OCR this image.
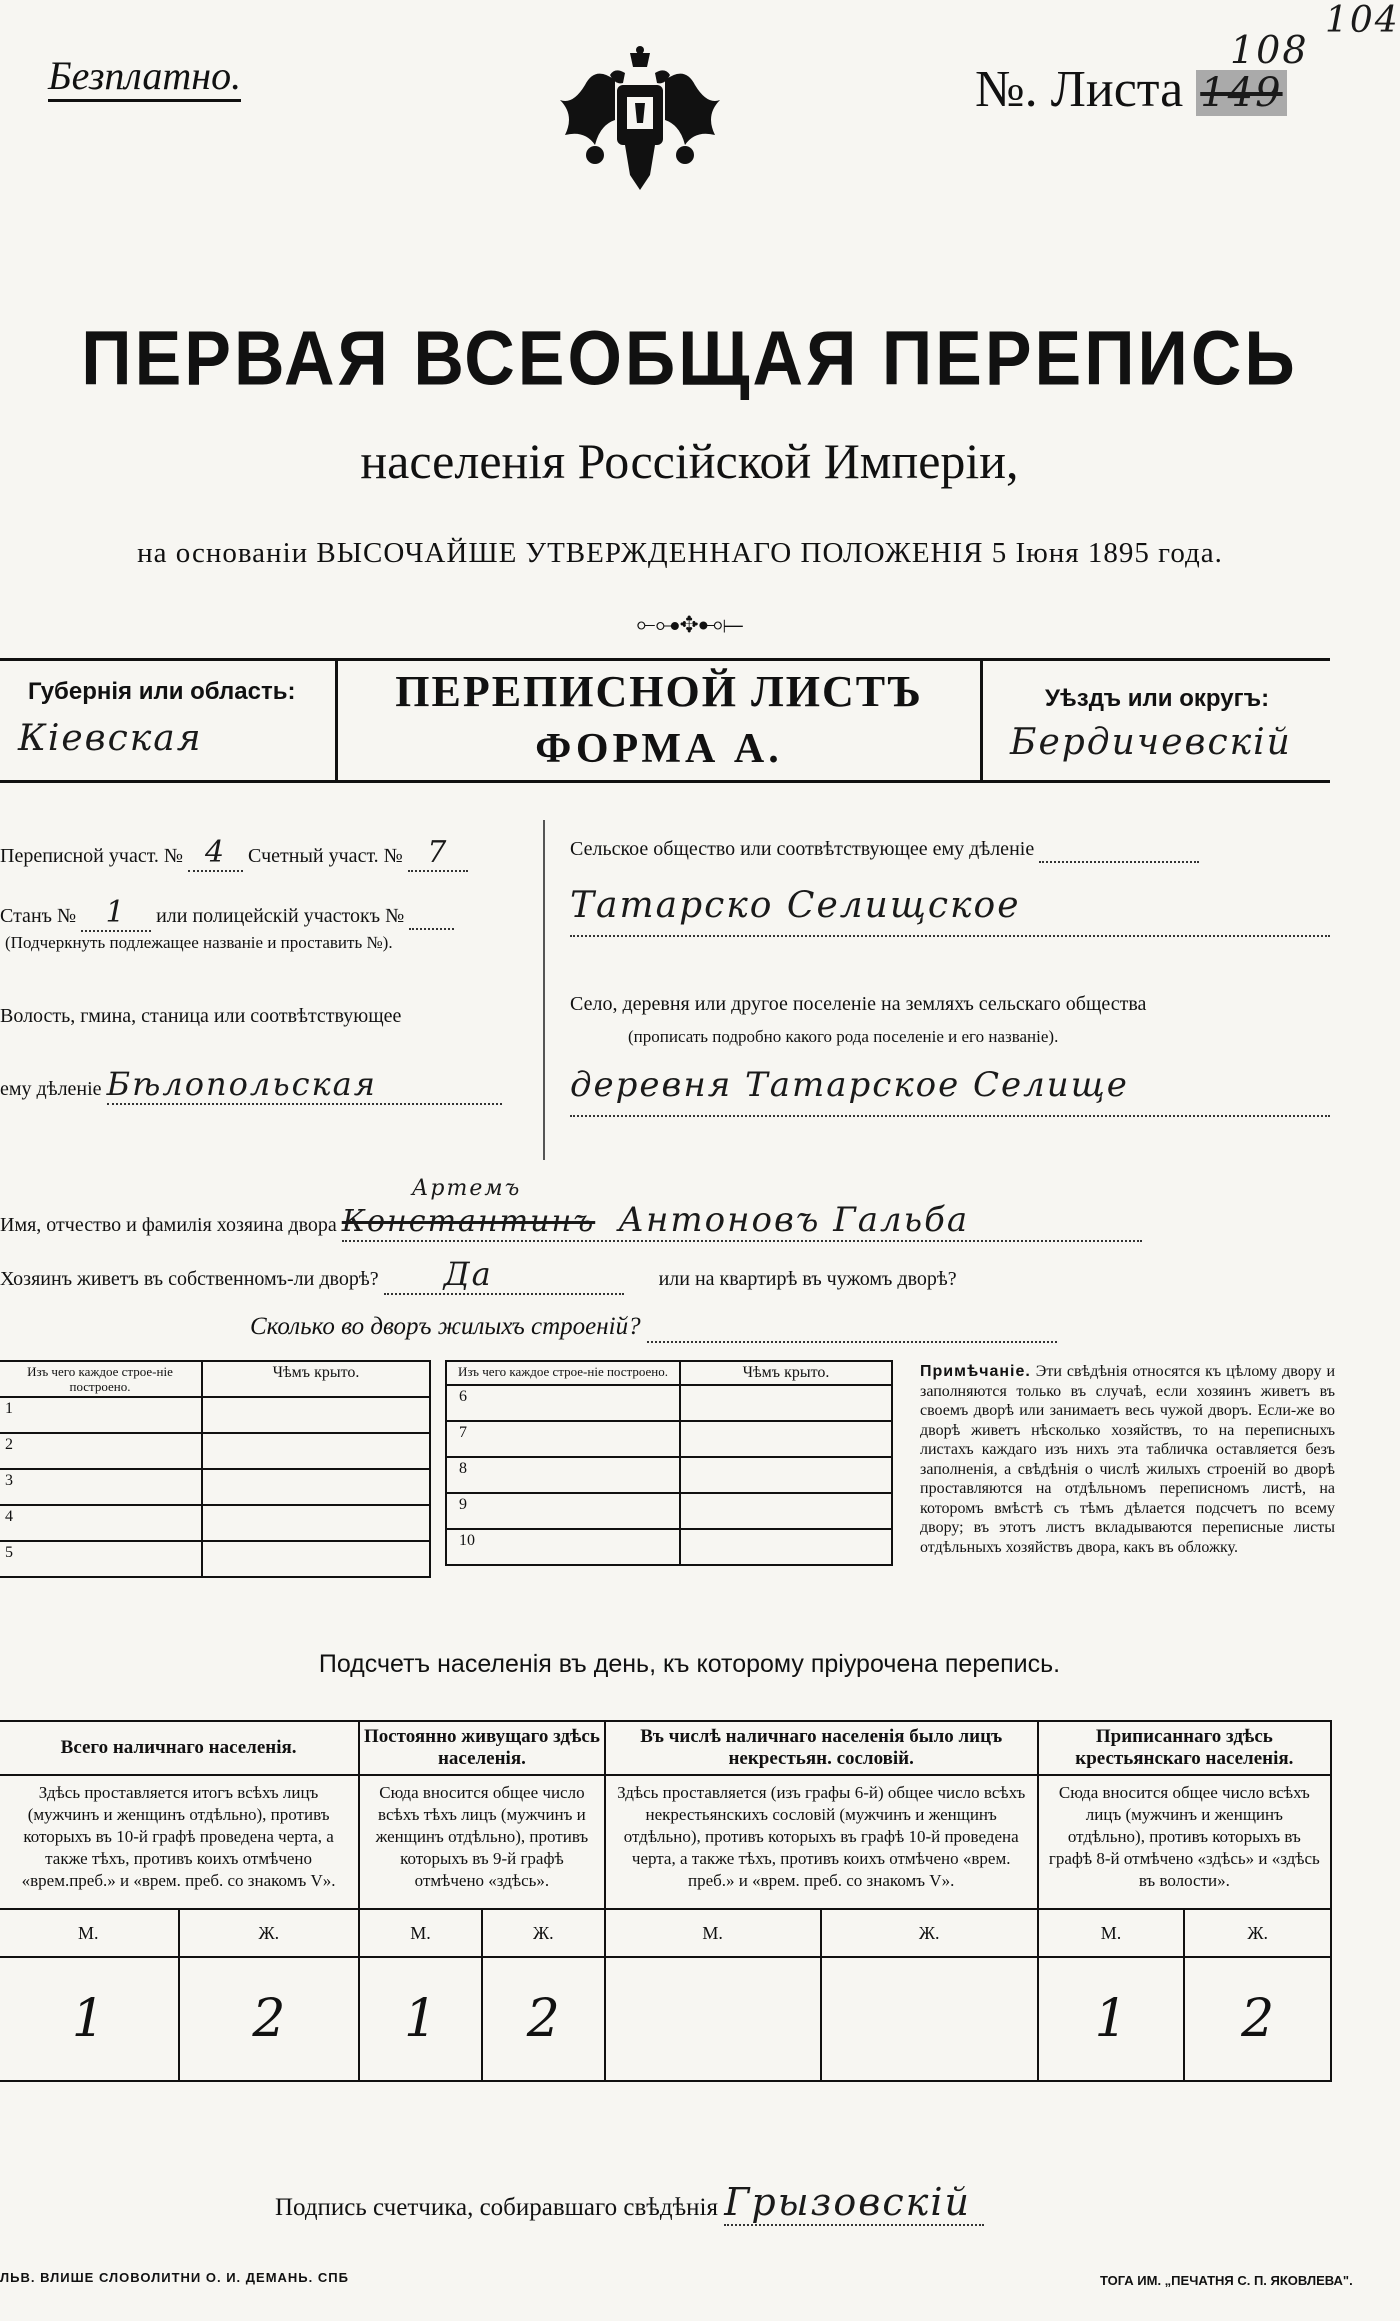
Безплатно.	№. Листа 149
108
104
ПЕРВАЯ ВСЕОБЩАЯ ПЕРЕПИСЬ
населенія Россійской Имперіи,
на основаніи ВЫСОЧАЙШЕ УТВЕРЖДЕННАГО ПОЛОЖЕНІЯ 5 Іюня 1895 года.
⟜⊶✥⊷⟝
Губернія или область:
Кіевская
ПЕРЕПИСНОЙ ЛИСТЪ
ФОРМА А.
Уѣздъ или округъ:
Бердичевскій
Переписной участ. № 4 Счетный участ. № 7
Станъ № 1 или полицейскій участокъ №
(Подчеркнуть подлежащее названіе и проставить №).
Волость, гмина, станица или соотвѣтствующее
ему дѣленіе Бѣлопольская
Сельское общество или соотвѣтствующее ему дѣленіе
Татарско Селищское
Село, деревня или другое поселеніе на земляхъ сельскаго общества
(прописать подробно какого рода поселеніе и его названіе).
деревня Татарское Селище
Имя, отчество и фамилія хозяина двора Константинъ Антоновъ Гальба
Артемъ
Хозяинъ живетъ въ собственномъ-ли дворѣ? Да	или на квартирѣ въ чужомъ дворѣ?
Сколько во дворъ жилыхъ строеній?
Изъ чего каждое строе-ніе построено.	Чѣмъ крыто.
1	
2	
3	
4	
5	
Изъ чего каждое строе-ніе построено.	Чѣмъ крыто.
6	
7	
8	
9	
10	
Примѣчаніе. Эти свѣдѣнія относятся къ цѣлому двору и заполняются только въ случаѣ, если хозяинъ живетъ въ своемъ дворѣ или занимаетъ весь чужой дворъ. Если-же во дворѣ живетъ нѣсколько хозяйствъ, то на переписныхъ листахъ каждаго изъ нихъ эта табличка оставляется безъ заполненія, а свѣдѣнія о числѣ жилыхъ строеній во дворѣ проставляются на отдѣльномъ переписномъ листѣ, на которомъ вмѣстѣ съ тѣмъ дѣлается подсчетъ по всему двору; въ этотъ листъ вкладываются переписные листы отдѣльныхъ хозяйствъ двора, какъ въ обложку.
Подсчетъ населенія въ день, къ которому пріурочена перепись.
Всего наличнаго населенія.		Постоянно живущаго здѣсь населенія.		Въ числѣ наличнаго населенія было лицъ некрестьян. сословій.		Приписаннаго здѣсь крестьянскаго населенія.	
Здѣсь проставляется итогъ всѣхъ лицъ (мужчинъ и женщинъ отдѣльно), противъ которыхъ въ 10-й графѣ проведена черта, а также тѣхъ, противъ коихъ отмѣчено «врем.преб.» и «врем. преб. со знакомъ V».		Сюда вносится общее число всѣхъ тѣхъ лицъ (мужчинъ и женщинъ отдѣльно), противъ которыхъ въ 9-й графѣ отмѣчено «здѣсь».		Здѣсь проставляется (изъ графы 6-й) общее число всѣхъ некрестьянскихъ сословій (мужчинъ и женщинъ отдѣльно), противъ которыхъ въ графѣ 10-й проведена черта, а также тѣхъ, противъ коихъ отмѣчено «врем. преб.» и «врем. преб. со знакомъ V».		Сюда вносится общее число всѣхъ лицъ (мужчинъ и женщинъ отдѣльно), противъ которыхъ въ графѣ 8-й отмѣчено «здѣсь» и «здѣсь въ волости».	
М.	Ж.	М.	Ж.	М.	Ж.	М.	Ж.
1	2	1	2			1	2
Подпись счетчика, собиравшаго свѣдѣнія Грызовскій
ЛЬВ. ВЛИШЕ СЛОВОЛИТНИ О. И. ДЕМАНЬ. СПБ	ТОГА ИМ. „ПЕЧАТНЯ С. П. ЯКОВЛЕВА".
